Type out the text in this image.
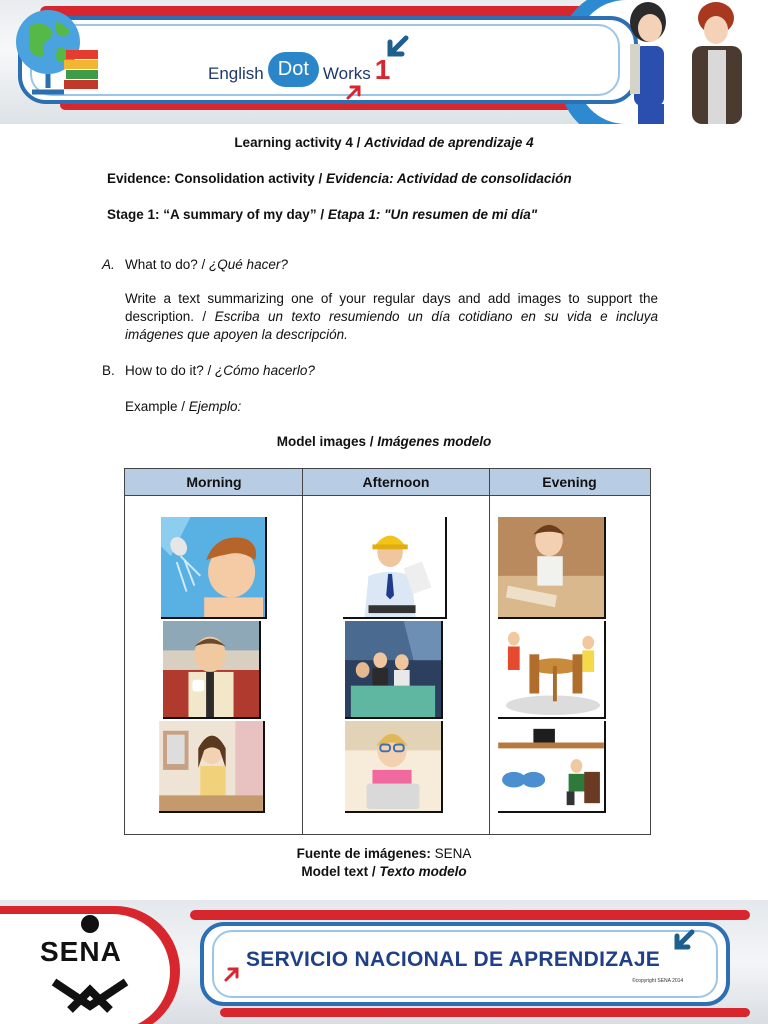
English Dot Works 1
Learning activity 4 / Actividad de aprendizaje 4
Evidence: Consolidation activity / Evidencia: Actividad de consolidación
Stage 1: “A summary of my day” / Etapa 1: "Un resumen de mi día"
A. What to do? / ¿Qué hacer?
Write a text summarizing one of your regular days and add images to support the description. / Escriba un texto resumiendo un día cotidiano en su vida e incluya imágenes que apoyen la descripción.
B. How to do it? / ¿Cómo hacerlo?
Example / Ejemplo:
Model images / Imágenes modelo
Morning	Afternoon	Evening
Fuente de imágenes: SENA
Model text / Texto modelo
SENA	SERVICIO NACIONAL DE APRENDIZAJE
©copyright SENA 2014
